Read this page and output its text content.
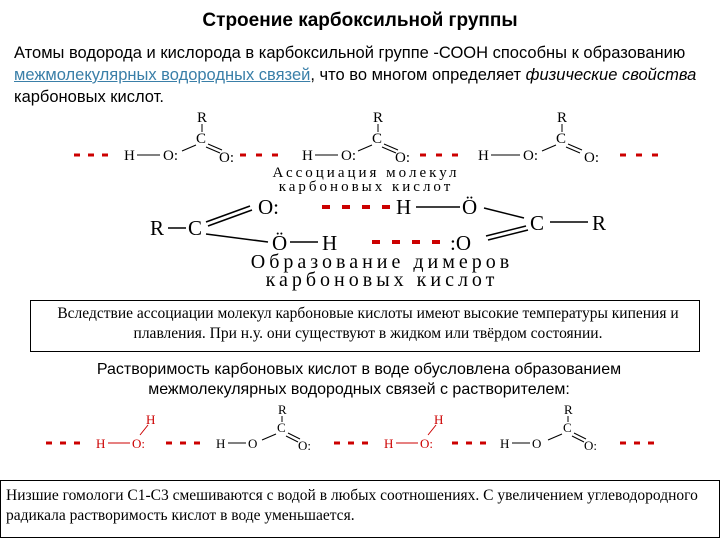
Строение карбоксильной группы
Атомы водорода и кислорода в карбоксильной группе -СООН способны к образованию межмолекулярных водородных связей, что во многом определяет физические свойства карбоновых кислот.
H O:
R
C
O:	H O:
R
C
O:	H O:
R
C
O:
Ассоциация молекул
карбоновых кислот
R C
O:
Ö H
H Ö
:O
C R
Образование димеров
карбоновых кислот
H O:
H
H O
R
C
O:	H O:
H
H O
R
C
O:
Вследствие ассоциации молекул карбоновые кислоты имеют высокие температуры кипения и плавления. При н.у. они существуют в жидком или твёрдом состоянии.
Растворимость карбоновых кислот в воде обусловлена образованием межмолекулярных водородных связей с растворителем:
Низшие гомологи С1-С3 смешиваются с водой в любых соотношениях. С увеличением углеводородного радикала растворимость кислот в воде уменьшается.
